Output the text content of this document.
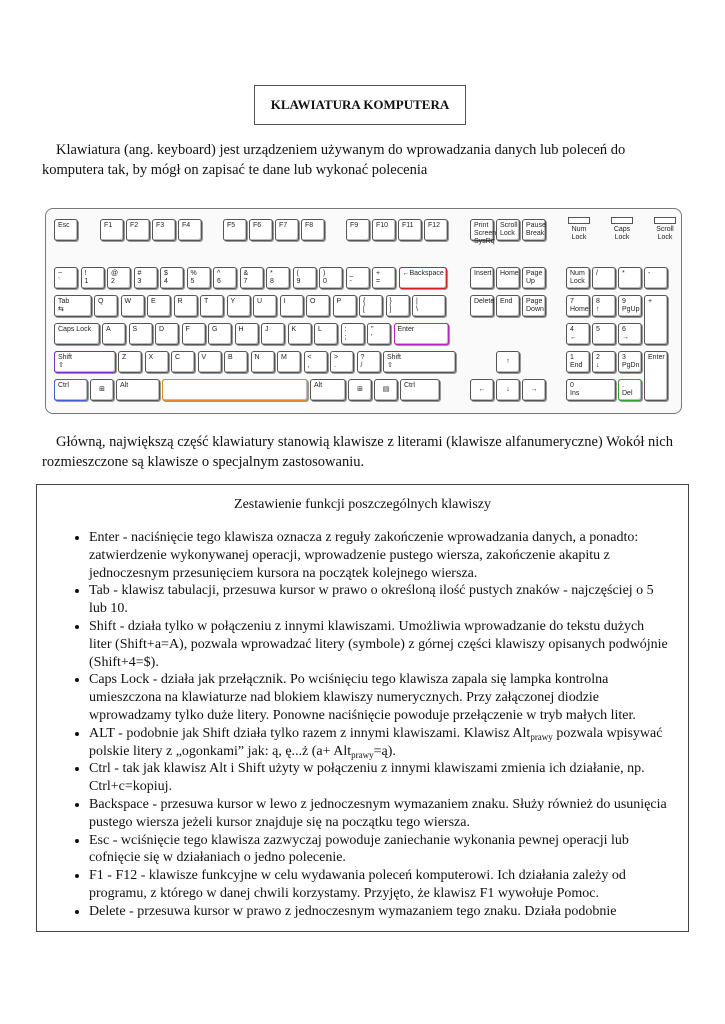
KLAWIATURA KOMPUTERA

Klawiatura (ang. keyboard) jest urządzeniem używanym do wprowadzania danych lub poleceń do komputera tak, by mógł on zapisać te dane lub wykonać polecenia

Esc	F1	F2	F3	F4	F5	F6	F7	F8	F9	F10	F11	F12	Print
Screen
SysRq
Scroll
Lock
Pause
Break
~
`
!
1
@
2
#
3
$
4
%
5
^
6
&
7
*
8
(
9
)
0
_
-
+
=
←Backspace	Insert	Home	Page
Up
Num
Lock
/	*	-
Tab
⇆
Q	W	E	R	T	Y	U	I	O	P	{
[
}
]
|
\
Delete End	Page
Down
7
Home
8
↑
9
PgUp
+
Caps Lock	A	S	D	F	G	H	J	K	L	:
;
"
'
Enter	4
←
5	6
→
Shift
⇧
Z	X	C	V	B	N	M	<
,
>
.
?
/
Shift
⇧
↑
1
End
2
↓
3
PgDn
Enter
Ctrl
⊞
Alt	Alt
⊞	▤
Ctrl
←	↓	→
0
Ins
.
Del
Num
Lock
Caps
Lock
Scroll
Lock

Główną, największą część klawiatury stanowią klawisze z literami (klawisze alfanumeryczne) Wokół nich rozmieszczone są klawisze o specjalnym zastosowaniu.

Zestawienie funkcji poszczególnych klawiszy
• Enter - naciśnięcie tego klawisza oznacza z reguły zakończenie wprowadzania danych, a ponadto: zatwierdzenie wykonywanej operacji, wprowadzenie pustego wiersza, zakończenie akapitu z jednoczesnym przesunięciem kursora na początek kolejnego wiersza.
• Tab - klawisz tabulacji, przesuwa kursor w prawo o określoną ilość pustych znaków - najczęściej o 5 lub 10.
• Shift - działa tylko w połączeniu z innymi klawiszami. Umożliwia wprowadzanie do tekstu dużych liter (Shift+a=A), pozwala wprowadzać litery (symbole) z górnej części klawiszy opisanych podwójnie (Shift+4=$).
• Caps Lock - działa jak przełącznik. Po wciśnięciu tego klawisza zapala się lampka kontrolna umieszczona na klawiaturze nad blokiem klawiszy numerycznych. Przy załączonej diodzie wprowadzamy tylko duże litery. Ponowne naciśnięcie powoduje przełączenie w tryb małych liter.
• ALT - podobnie jak Shift działa tylko razem z innymi klawiszami. Klawisz Alt$_{prawy}$ pozwala wpisywać polskie litery z „ogonkami” jak: ą, ę...ż (a+ Alt$_{prawy}$=ą).
• Ctrl - tak jak klawisz Alt i Shift użyty w połączeniu z innymi klawiszami zmienia ich działanie, np. Ctrl+c=kopiuj.
• Backspace - przesuwa kursor w lewo z jednoczesnym wymazaniem znaku. Służy również do usunięcia pustego wiersza jeżeli kursor znajduje się na początku tego wiersza.
• Esc - wciśnięcie tego klawisza zazwyczaj powoduje zaniechanie wykonania pewnej operacji lub cofnięcie się w działaniach o jedno polecenie.
• F1 - F12 - klawisze funkcyjne w celu wydawania poleceń komputerowi. Ich działania zależy od programu, z którego w danej chwili korzystamy. Przyjęto, że klawisz F1 wywołuje Pomoc.
• Delete - przesuwa kursor w prawo z jednoczesnym wymazaniem tego znaku. Działa podobnie
